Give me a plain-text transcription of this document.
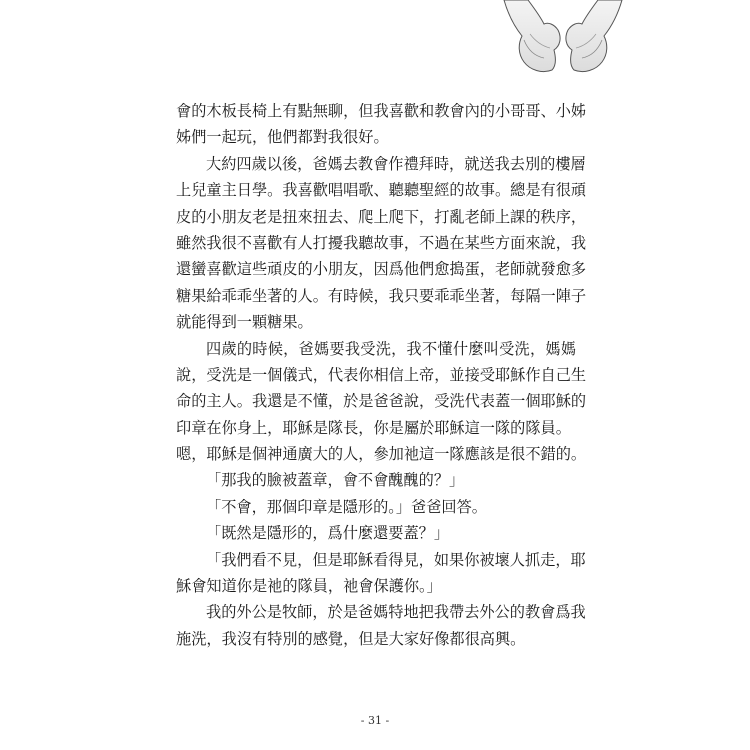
會的木板長椅上有點無聊，但我喜歡和教會內的小哥哥、小姊
姊們一起玩，他們都對我很好。
大約四歲以後，爸媽去教會作禮拜時，就送我去別的樓層
上兒童主日學。我喜歡唱唱歌、聽聽聖經的故事。總是有很頑
皮的小朋友老是扭來扭去、爬上爬下，打亂老師上課的秩序，
雖然我很不喜歡有人打擾我聽故事，不過在某些方面來說，我
還蠻喜歡這些頑皮的小朋友，因爲他們愈搗蛋，老師就發愈多
糖果給乖乖坐著的人。有時候，我只要乖乖坐著，每隔一陣子
就能得到一顆糖果。
四歲的時候，爸媽要我受洗，我不懂什麼叫受洗，媽媽
說，受洗是一個儀式，代表你相信上帝，並接受耶穌作自己生
命的主人。我還是不懂，於是爸爸說，受洗代表蓋一個耶穌的
印章在你身上，耶穌是隊長，你是屬於耶穌這一隊的隊員。
嗯，耶穌是個神通廣大的人，參加祂這一隊應該是很不錯的。
「那我的臉被蓋章，會不會醜醜的？」
「不會，那個印章是隱形的。」爸爸回答。
「既然是隱形的，爲什麼還要蓋？」
「我們看不見，但是耶穌看得見，如果你被壞人抓走，耶
穌會知道你是祂的隊員，祂會保護你。」
我的外公是牧師，於是爸媽特地把我帶去外公的教會爲我
施洗，我沒有特別的感覺，但是大家好像都很高興。
- 31 -
